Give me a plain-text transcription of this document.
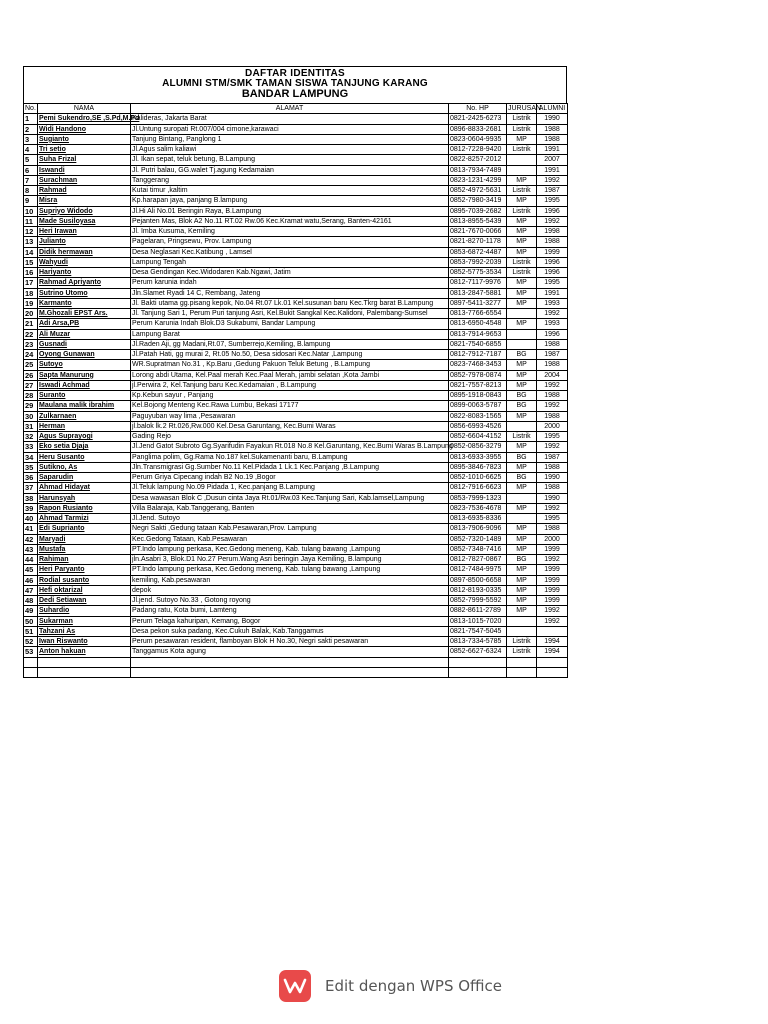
DAFTAR IDENTITAS
ALUMNI STM/SMK TAMAN SISWA TANJUNG KARANG
BANDAR LAMPUNG
No.	NAMA	ALAMAT	No. HP	JURUSAN	ALUMNI
1	Pemi Sukendro,SE ,S.Pd,M.Pd	Kalideras, Jakarta Barat	0821-2425-6273	Listrik	1990
2	Widi Handono	Jl.Untung suropati Rt.007/004 cimone,karawaci	0896-8833-2681	Listrik	1988
3	Sugianto	Tanjung Bintang, Panglong 1	0823-0604-9935	MP	1988
4	Tri setio	Jl.Agus salim kaliawi	0812-7228-9420	Listrik	1991
5	Suha Frizal	Jl. Ikan sepat, teluk betung, B.Lampung	0822-8257-2012		2007
6	Iswandi	Jl. Putri balau, GG.walet Tj.agung Kedamaian	0813-7934-7489		1991
7	Surachman	Tanggerang	0823-1231-4299	MP	1992
8	Rahmad	Kutai timur ,kaltim	0852-4972-5631	Listrik	1987
9	Misra	Kp.harapan jaya, panjang B.lampung	0852-7980-3419	MP	1995
10	Supriyo Widodo	Jl.Hi Ali No.01 Beringin Raya, B.Lampung	0895-7039-2682	Listrik	1996
11	Made Susiloyasa	Pejanten Mas, Blok A2 No.11 RT.02 Rw.06 Kec.Kramat watu,Serang, Banten-42161	0813-8955-5439	MP	1992
12	Heri Irawan	Jl. Imba Kusuma, Kemiling	0821-7670-0066	MP	1998
13	Julianto	Pagelaran, Pringsewu, Prov. Lampung	0821-8270-1178	MP	1988
14	Didik hermawan	Desa Neglasari Kec.Katibung , Lamsel	0853-6872-4487	MP	1999
15	Wahyudi	Lampung Tengah	0853-7992-2039	Listrik	1996
16	Hariyanto	Desa Gendingan Kec.Widodaren Kab.Ngawi, Jatim	0852-5775-3534	Listrik	1996
17	Rahmad Apriyanto	Perum karunia indah	0812-7117-9976	MP	1995
18	Sutrino Utomo	Jln.Slamet Ryadi 14 C, Rembang, Jateng	0813-2847-5881	MP	1991
19	Karmanto	Jl. Bakti utama gg.pisang kepok, No.04 Rt.07 Lk.01 Kel.susunan baru Kec.Tkrg barat B.Lampung	0897-5411-3277	MP	1993
20	M.Ghozali EPST Ars.	Jl. Tanjung Sari 1, Perum Puri tanjung Asri, Kel.Bukit Sangkal Kec.Kalidoni, Palembang-Sumsel	0813-7766-6554		1992
21	Adi Arsa,PB	Perum Karunia Indah Blok.D3 Sukabumi, Bandar Lampung	0813-6950-4548	MP	1993
22	Ali Muzar	Lampung Barat	0813-7914-9653		1996
23	Gusnadi	Jl.Raden Aji, gg Madani,Rt.07, Sumberrejo,Kemiling, B.lampung	0821-7540-6855		1988
24	Oyong Gunawan	Jl.Patah Hati, gg murai 2, Rt.05 No.50, Desa sidosari Kec.Natar ,Lampung	0812-7912-7187	BG	1987
25	Sutoyo	WR.Supratman No.31 , Kp.Baru ,Gedung Pakuon Teluk Betung , B.Lampung	0823-7468-3453	MP	1988
26	Sapta Manurung	Lorong abdi Utama, Kel.Paal merah Kec.Paal Merah, jambi selatan ,Kota Jambi	0852-7978-0874	MP	2004
27	Iswadi Achmad	jl.Perwira 2, Kel.Tanjung baru Kec.Kedamaian , B.Lampung	0821-7557-8213	MP	1992
28	Suranto	Kp.Kebun sayur , Panjang	0895-1918-0843	BG	1988
29	Maulana malik ibrahim	Kel.Bojong Menteng Kec.Rawa Lumbu, Bekasi 17177	0899-0063-5787	BG	1992
30	Zulkarnaen	Paguyuban way lima ,Pesawaran	0822-8083-1565	MP	1988
31	Herman	jl.balok lk.2 Rt.026,Rw.000 Kel.Desa Garuntang, Kec.Bumi Waras	0856-6993-4526		2000
32	Agus Suprayogi	Gading Rejo	0852-6604-4152	Listrik	1995
33	Eko setia Djaja	Jl.Jend Gatot Subroto Gg.Syarifudin Fayakun Rt.018 No.8 Kel.Garuntang, Kec.Bumi Waras B.Lampung	0852-0856-3279	MP	1992
34	Heru Susanto	Panglima polim, Gg.Rama No.187 kel.Sukamenanti baru, B.Lampung	0813-6933-3955	BG	1987
35	Sutikno, As	Jln.Transmigrasi Gg.Sumber No.11 Kel.Pidada 1 Lk.1 Kec.Panjang ,B.Lampung	0895-3846-7823	MP	1988
36	Saparudin	Perum Griya Cipecang indah B2 No.19 ,Bogor	0852-1010-6625	BG	1990
37	Ahmad Hidayat	Jl.Teluk lampung No.09 Pidada 1, Kec.panjang B.Lampung	0812-7916-6623	MP	1988
38	Harunsyah	Desa wawasan Blok C ,Dusun cinta Jaya Rt.01/Rw.03 Kec.Tanjung Sari, Kab.lamsel,Lampung	0853-7999-1323		1990
39	Rapon Rusianto	Villa Balaraja, Kab.Tanggerang, Banten	0823-7536-4678	MP	1992
40	Ahmad Tarmizi	Jl.Jend. Sutoyo	0813-6935-8336		1995
41	Edi Suprianto	Negri Sakti ,Gedung tataan Kab.Pesawaran,Prov. Lampung	0813-7906-9096	MP	1988
42	Maryadi	Kec.Gedong Tataan, Kab.Pesawaran	0852-7320-1489	MP	2000
43	Mustafa	PT.Indo lampung perkasa, Kec.Gedong meneng, Kab. tulang bawang ,Lampung	0852-7348-7416	MP	1999
44	Rahiman	jln.Asabri 3, Blok.D1 No.27 Perum.Wang Asri beringin Jaya Kemiling, B.lampung	0812-7827-0867	BG	1992
45	Heri Paryanto	PT.Indo lampung perkasa, Kec.Gedong meneng, Kab. tulang bawang ,Lampung	0812-7484-9975	MP	1999
46	Rodial susanto	kemiling, Kab.pesawaran	0897-8500-6658	MP	1999
47	Hefi oktarizal	depok	0812-8193-0335	MP	1999
48	Dedi Setiawan	Jl.jend. Sutoyo No.33 , Gotong royong	0852-7999-5592	MP	1999
49	Suhardio	Padang ratu, Kota bumi, Lamteng	0882-8611-2789	MP	1992
50	Sukarman	Perum Telaga kahuripan, Kemang, Bogor	0813-1015-7020		1992
51	Tahzani As	Desa pekon suka padang, Kec.Cukuh Balak, Kab.Tanggamus	0821-7547-5045		
52	Iwan Riswanto	Perum pesawaran resident, flamboyan Blok H No.30, Negri sakti pesawaran	0813-7334-5785	Listrik	1994
53	Anton hakuan	Tanggamus Kota agung	0852-6627-6324	Listrik	1994

Edit dengan WPS Office
